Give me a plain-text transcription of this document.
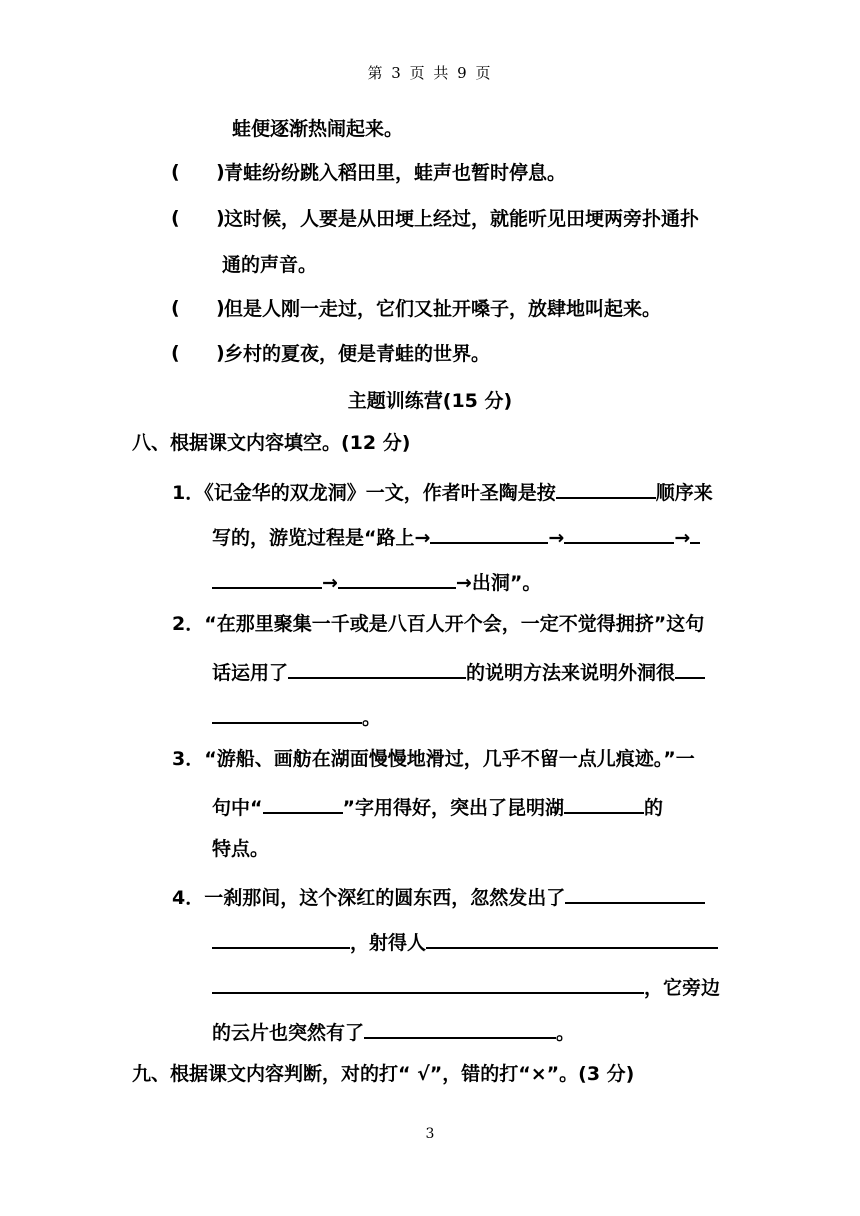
第 3 页 共 9 页
蛙便逐渐热闹起来。
( ) 青蛙纷纷跳入稻田里，蛙声也暂时停息。
( ) 这时候，人要是从田埂上经过，就能听见田埂两旁扑通扑
通的声音。
( ) 但是人刚一走过，它们又扯开嗓子，放肆地叫起来。
( ) 乡村的夏夜，便是青蛙的世界。
主题训练营(15 分)
八、根据课文内容填空。(12 分)
1．《记金华的双龙洞》一文，作者叶圣陶是按	顺序来
写的，游览过程是“路上→	→	→
→	→出洞”。
2．“在那里聚集一千或是八百人开个会，一定不觉得拥挤”这句
话运用了	的说明方法来说明外洞很
。
3．“游船、画舫在湖面慢慢地滑过，几乎不留一点儿痕迹。”一
句中“	”字用得好，突出了昆明湖	的
特点。
4．一刹那间，这个深红的圆东西，忽然发出了
，射得人
，它旁边
的云片也突然有了	。
九、根据课文内容判断，对的打“ √”，错的打“×”。(3 分)
3
